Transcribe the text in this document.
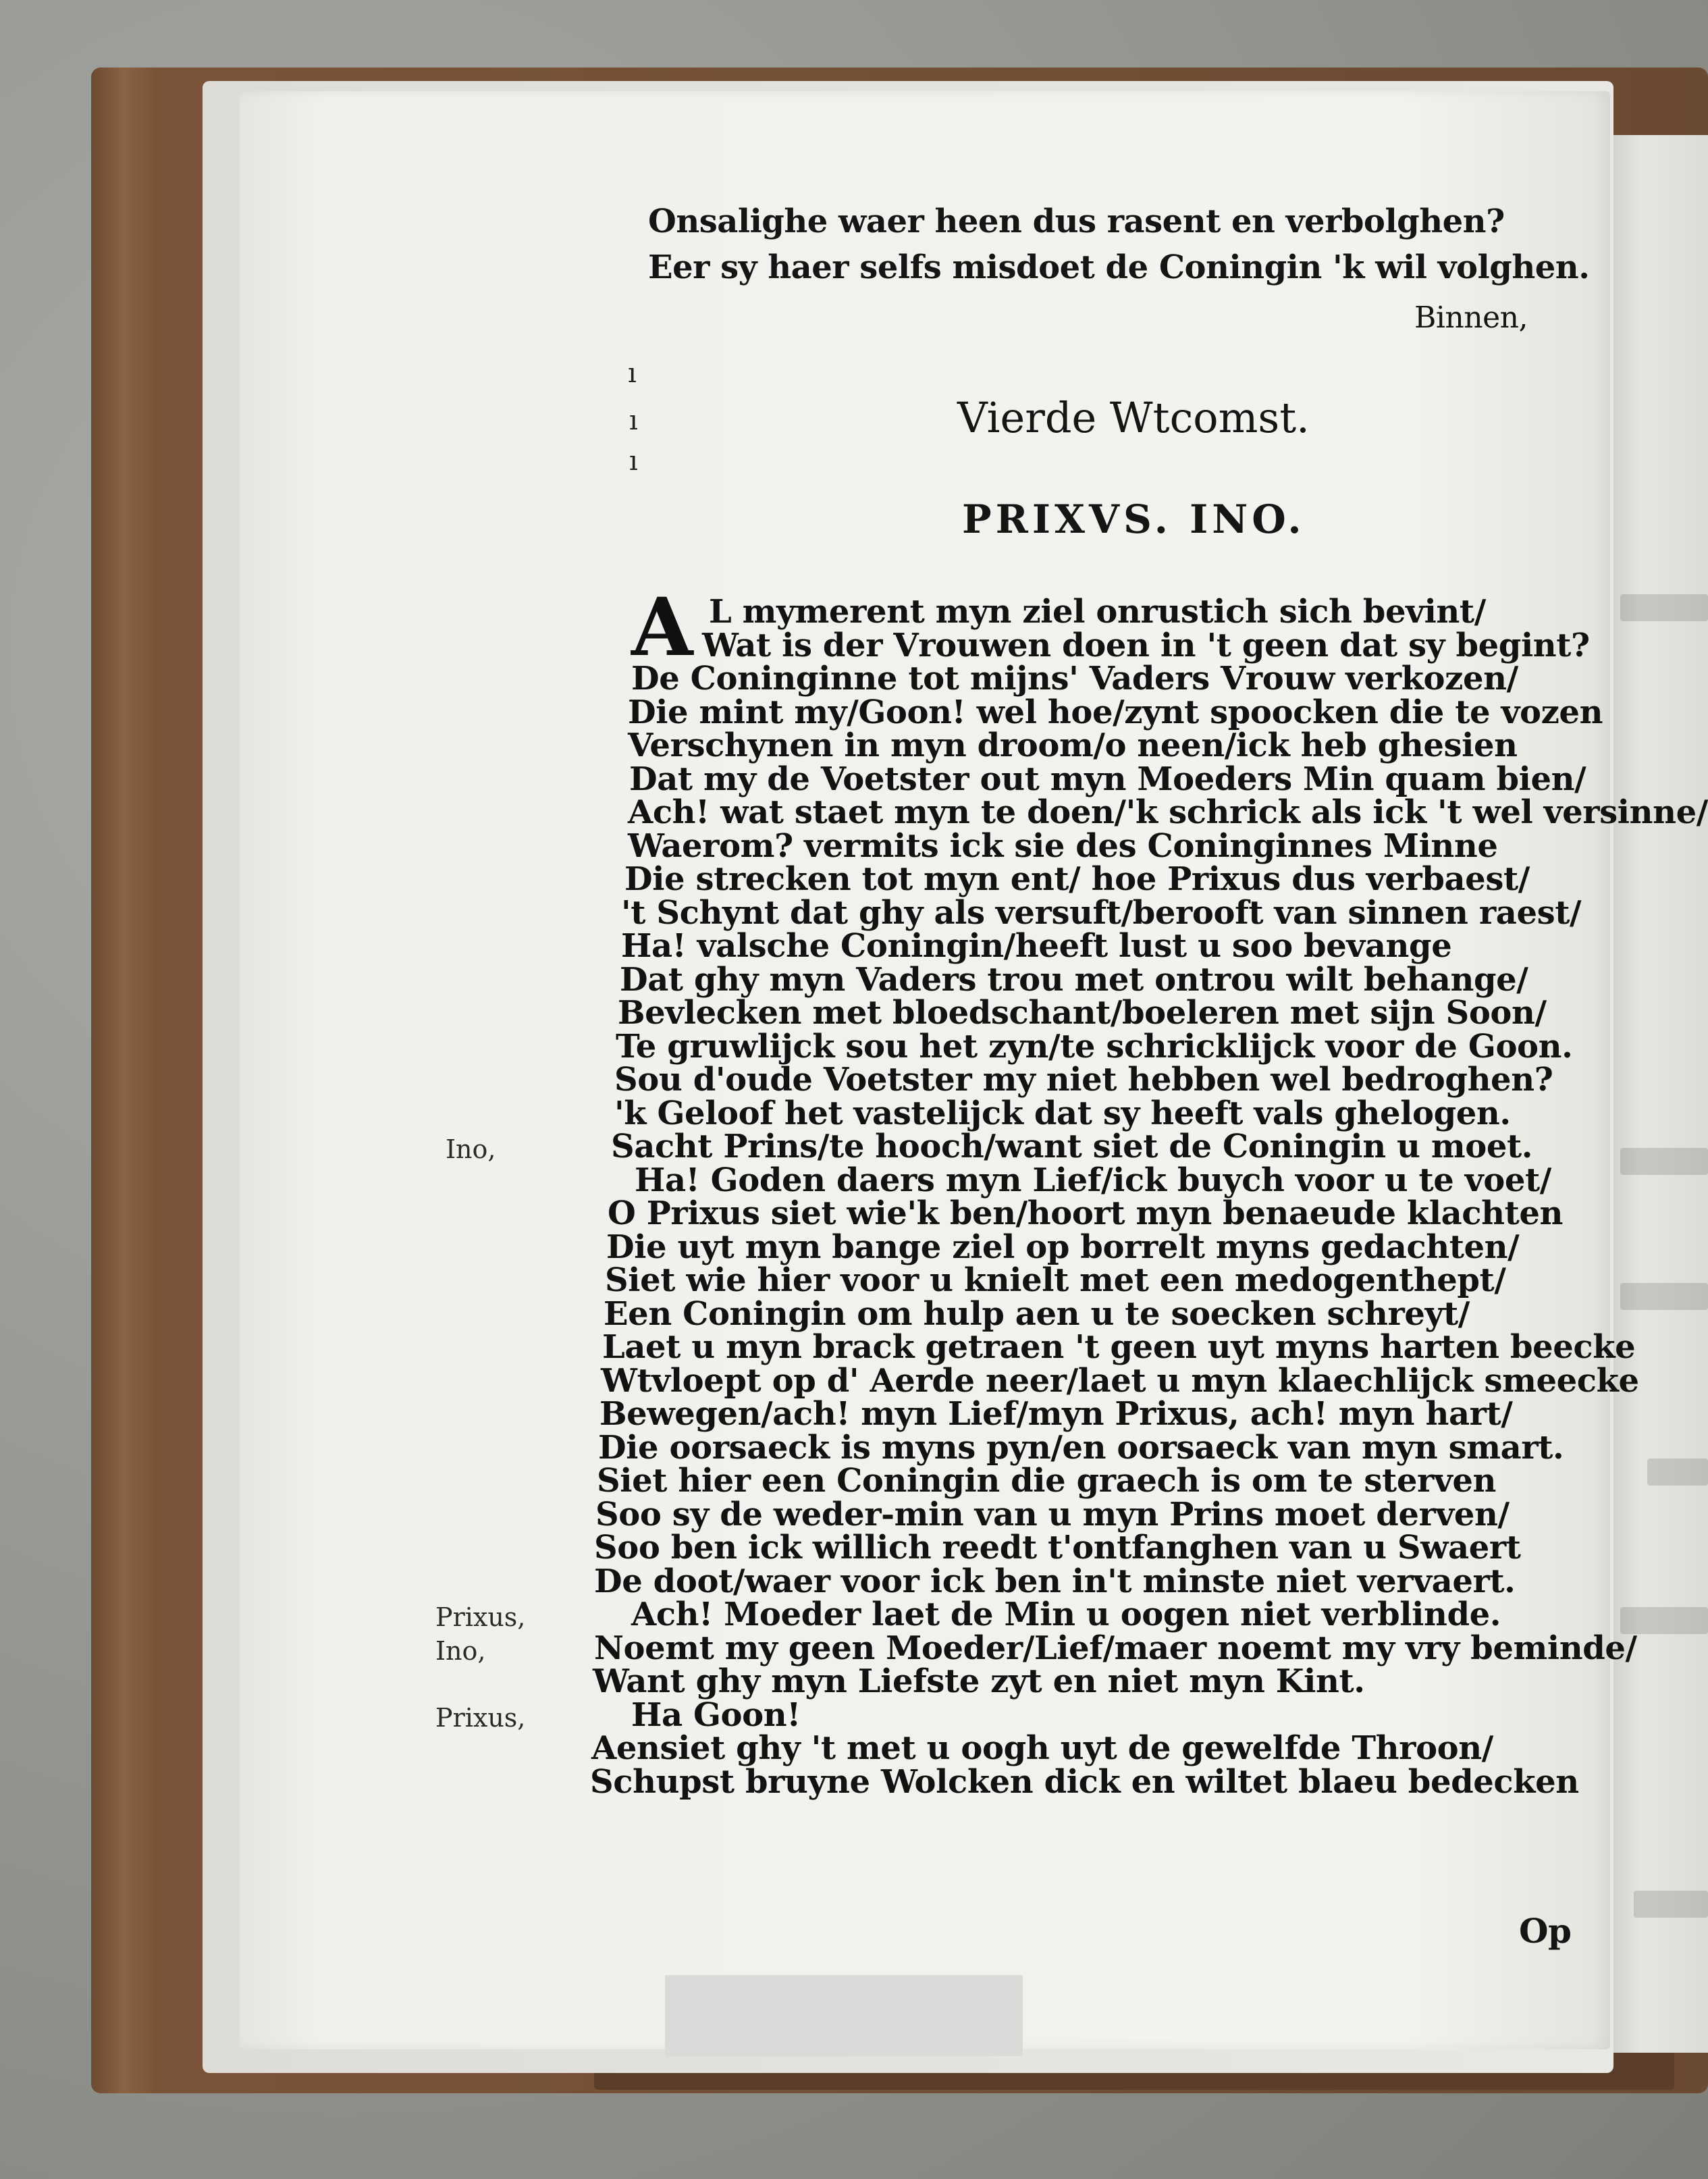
Onsalighe waer heen dus rasent en verbolghen?
Eer sy haer selfs misdoet de Coningin 'k wil volghen.
Binnen,
ı
ı
ı
Vierde Wtcomst.
PRIXVS. INO.
A L mymerent myn ziel onrustich sich bevint/
Wat is der Vrouwen doen in 't geen dat sy begint?
De Coninginne tot mijns' Vaders Vrouw verkozen/
Die mint my/Goon! wel hoe/zynt spoocken die te vozen
Verschynen in myn droom/o neen/ick heb ghesien
Dat my de Voetster out myn Moeders Min quam bien/
Ach! wat staet myn te doen/'k schrick als ick 't wel versinne/
Waerom? vermits ick sie des Coninginnes Minne
Die strecken tot myn ent/ hoe Prixus dus verbaest/
't Schynt dat ghy als versuft/berooft van sinnen raest/
Ha! valsche Coningin/heeft lust u soo bevange
Dat ghy myn Vaders trou met ontrou wilt behange/
Bevlecken met bloedschant/boeleren met sijn Soon/
Te gruwlijck sou het zyn/te schricklijck voor de Goon.
Sou d'oude Voetster my niet hebben wel bedroghen?
'k Geloof het vastelijck dat sy heeft vals ghelogen.
Sacht Prins/te hooch/want siet de Coningin u moet.
Ha! Goden daers myn Lief/ick buych voor u te voet/
O Prixus siet wie'k ben/hoort myn benaeude klachten
Die uyt myn bange ziel op borrelt myns gedachten/
Siet wie hier voor u knielt met een medogenthept/
Een Coningin om hulp aen u te soecken schreyt/
Laet u myn brack getraen 't geen uyt myns harten beecke
Wtvloept op d' Aerde neer/laet u myn klaechlijck smeecke
Bewegen/ach! myn Lief/myn Prixus, ach! myn hart/
Die oorsaeck is myns pyn/en oorsaeck van myn smart.
Siet hier een Coningin die graech is om te sterven
Soo sy de weder-min van u myn Prins moet derven/
Soo ben ick willich reedt t'ontfanghen van u Swaert
De doot/waer voor ick ben in't minste niet vervaert.
Ach! Moeder laet de Min u oogen niet verblinde.
Noemt my geen Moeder/Lief/maer noemt my vry beminde/
Want ghy myn Liefste zyt en niet myn Kint.
Ha Goon!
Aensiet ghy 't met u oogh uyt de gewelfde Throon/
Schupst bruyne Wolcken dick en wiltet blaeu bedecken
Ino,
Prixus,
Ino,
Prixus,
Op
